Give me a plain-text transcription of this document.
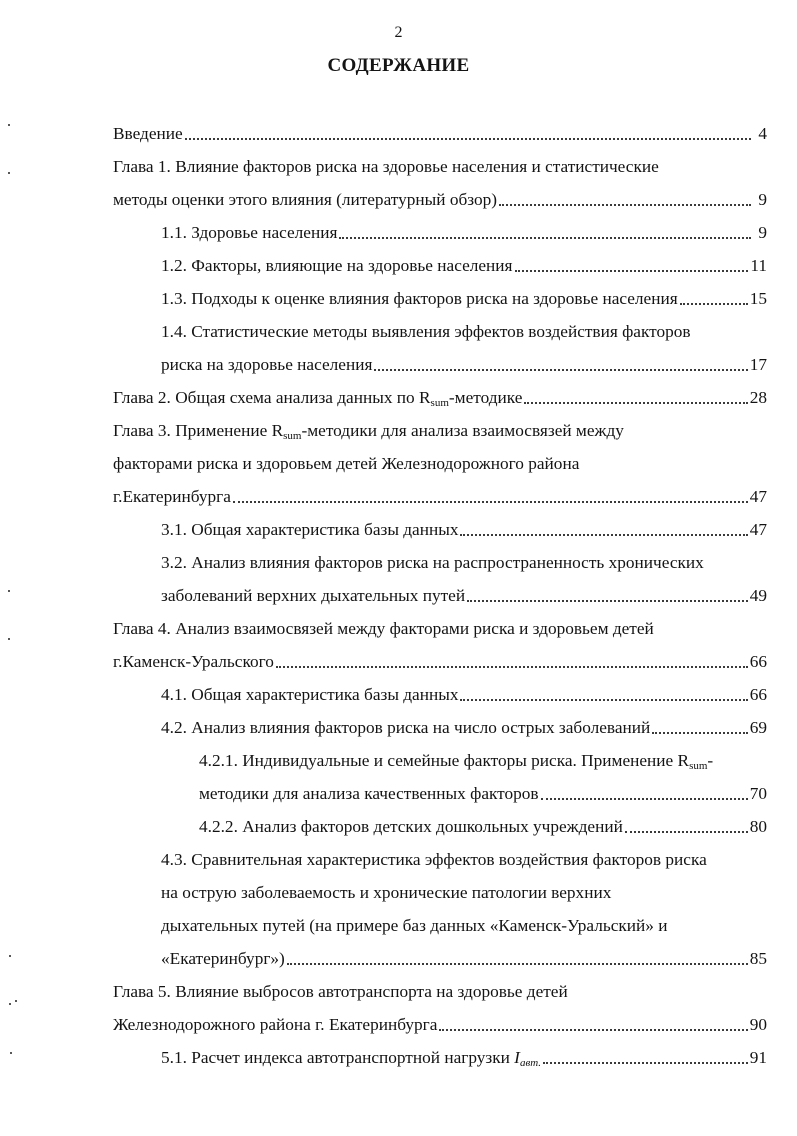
2
СОДЕРЖАНИЕ
Введение	4
Глава 1. Влияние факторов риска на здоровье населения и статистические
методы оценки этого влияния (литературный обзор)	9
1.1. Здоровье населения	9
1.2. Факторы, влияющие на здоровье населения	11
1.3. Подходы к оценке влияния факторов риска на здоровье населения	15
1.4. Статистические методы выявления эффектов воздействия факторов
риска на здоровье населения	17
Глава 2. Общая схема анализа данных по $R_{sum}$-методике	28
Глава 3. Применение $R_{sum}$-методики для анализа взаимосвязей между
факторами риска и здоровьем детей Железнодорожного района
г.Екатеринбурга	47
3.1. Общая характеристика базы данных	47
3.2. Анализ влияния факторов риска на распространенность хронических
заболеваний верхних дыхательных путей	49
Глава 4. Анализ взаимосвязей между факторами риска и здоровьем детей
г.Каменск-Уральского	66
4.1. Общая характеристика базы данных	66
4.2. Анализ влияния факторов риска на число острых заболеваний	69
4.2.1. Индивидуальные и семейные факторы риска. Применение $R_{sum}-$
методики для анализа качественных факторов	70
4.2.2. Анализ факторов детских дошкольных учреждений	80
4.3. Сравнительная характеристика эффектов воздействия факторов риска
на острую заболеваемость и хронические патологии верхних
дыхательных путей (на примере баз данных «Каменск-Уральский» и
«Екатеринбург»)	85
Глава 5. Влияние выбросов автотранспорта на здоровье детей
Железнодорожного района г. Екатеринбурга	90
5.1. Расчет индекса автотранспортной нагрузки $I_{авт.}$	91
